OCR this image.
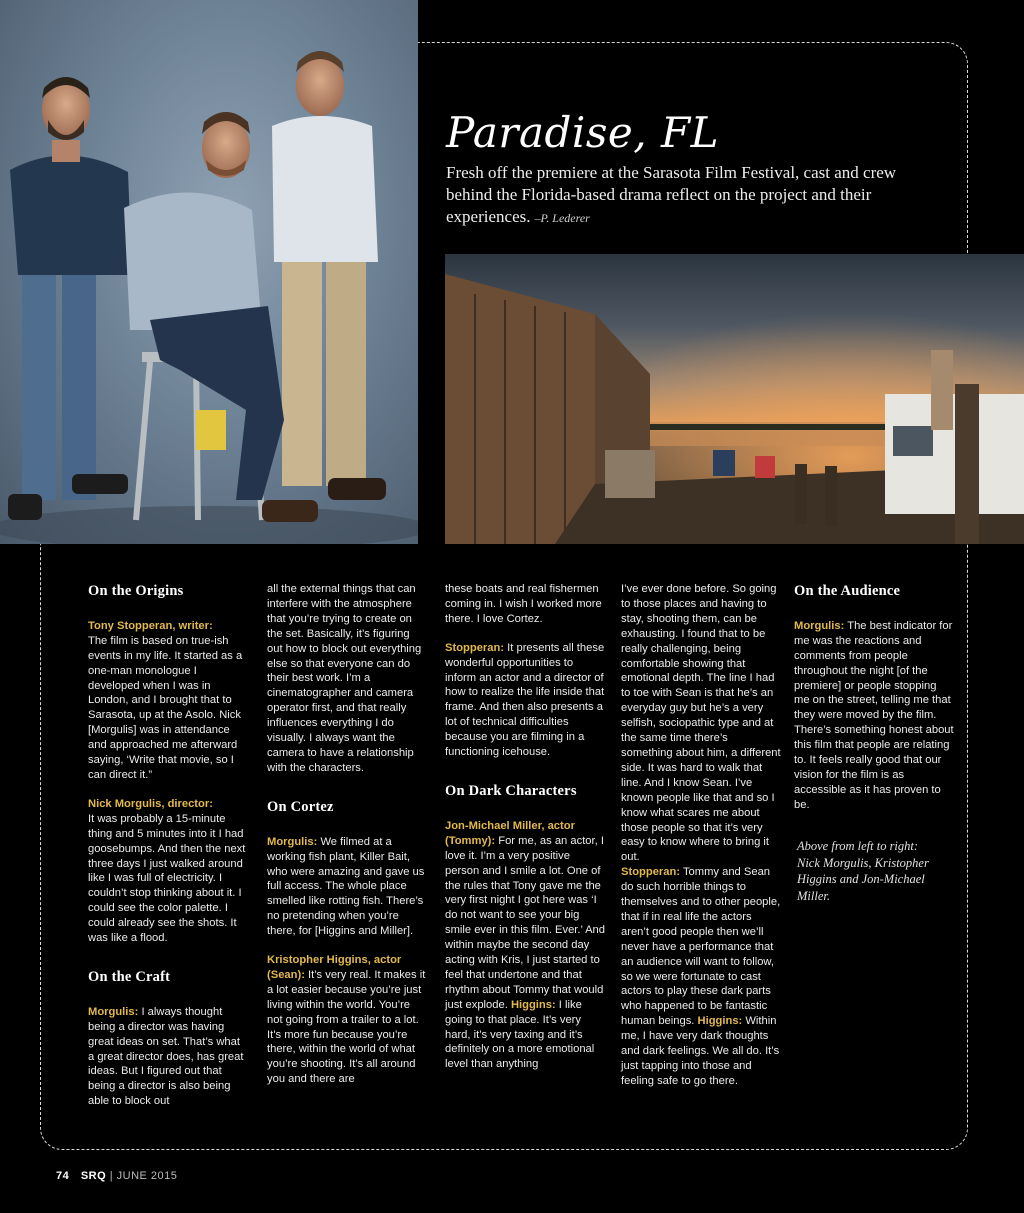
Paradise, FL

Fresh off the premiere at the Sarasota Film Festival, cast and crew behind the Florida-based drama reflect on the project and their experiences. –P. Lederer

On the Origins

Tony Stopperan, writer:
The film is based on true-ish events in my life. It started as a one-man monologue I developed when I was in London, and I brought that to Sarasota, up at the Asolo. Nick [Morgulis] was in attendance and approached me afterward saying, ‘Write that movie, so I can direct it.”

Nick Morgulis, director:
It was probably a 15-minute thing and 5 minutes into it I had goosebumps. And then the next three days I just walked around like I was full of electricity. I couldn’t stop thinking about it. I could see the color palette. I could already see the shots. It was like a flood.

On the Craft

Morgulis: I always thought being a director was having great ideas on set. That’s what a great director does, has great ideas. But I figured out that being a director is also being able to block out

all the external things that can interfere with the atmosphere that you’re trying to create on the set. Basically, it’s figuring out how to block out everything else so that everyone can do their best work. I’m a cinematographer and camera operator first, and that really influences everything I do visually. I always want the camera to have a relationship with the characters.

On Cortez

Morgulis: We filmed at a working fish plant, Killer Bait, who were amazing and gave us full access. The whole place smelled like rotting fish. There’s no pretending when you’re there, for [Higgins and Miller].

Kristopher Higgins, actor (Sean): It’s very real. It makes it a lot easier because you’re just living within the world. You’re not going from a trailer to a lot. It’s more fun because you’re there, within the world of what you’re shooting. It’s all around you and there are

these boats and real fishermen coming in. I wish I worked more there. I love Cortez.

Stopperan: It presents all these wonderful opportunities to inform an actor and a director of how to realize the life inside that frame. And then also presents a lot of technical difficulties because you are filming in a functioning icehouse.

On Dark Characters

Jon-Michael Miller, actor (Tommy): For me, as an actor, I love it. I’m a very positive person and I smile a lot. One of the rules that Tony gave me the very first night I got here was ‘I do not want to see your big smile ever in this film. Ever.’ And within maybe the second day acting with Kris, I just started to feel that undertone and that rhythm about Tommy that would just explode. Higgins: I like going to that place. It’s very hard, it’s very taxing and it’s definitely on a more emotional level than anything

I’ve ever done before. So going to those places and having to stay, shooting them, can be exhausting. I found that to be really challenging, being comfortable showing that emotional depth. The line I had to toe with Sean is that he’s an everyday guy but he’s a very selfish, sociopathic type and at the same time there’s something about him, a different side. It was hard to walk that line. And I know Sean. I’ve known people like that and so I know what scares me about those people so that it’s very easy to know where to bring it out.
Stopperan: Tommy and Sean do such horrible things to themselves and to other people, that if in real life the actors aren’t good people then we’ll never have a performance that an audience will want to follow, so we were fortunate to cast actors to play these dark parts who happened to be fantastic human beings. Higgins: Within me, I have very dark thoughts and dark feelings. We all do. It’s just tapping into those and feeling safe to go there.

On the Audience

Morgulis: The best indicator for me was the reactions and comments from people throughout the night [of the premiere] or people stopping me on the street, telling me that they were moved by the film. There’s something honest about this film that people are relating to. It feels really good that our vision for the film is as accessible as it has proven to be.

Above from left to right: Nick Morgulis, Kristopher Higgins and Jon-Michael Miller.

74 SRQ | JUNE 2015
